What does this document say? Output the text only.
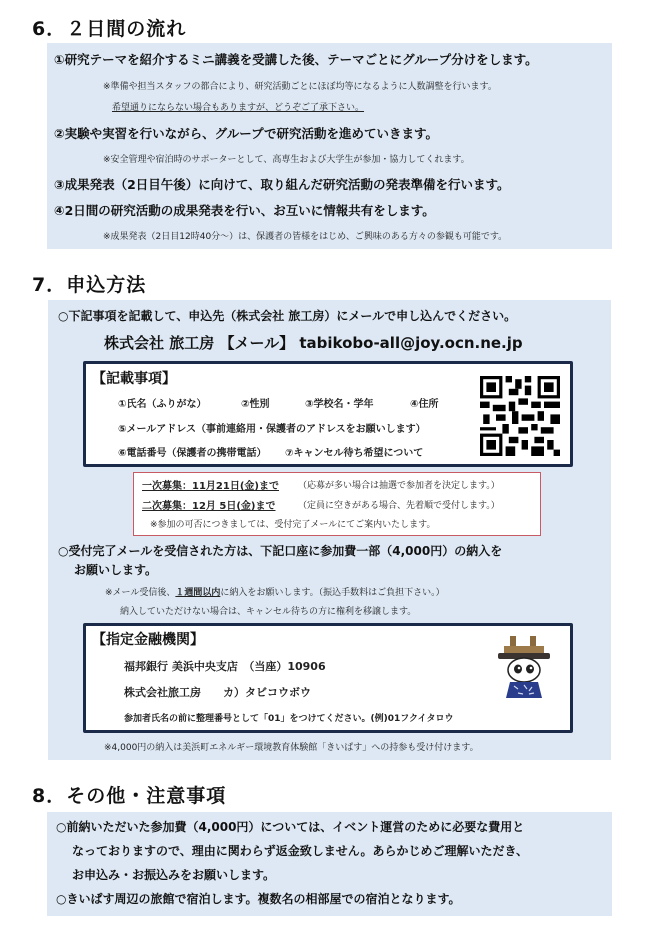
6．２日間の流れ
①研究テーマを紹介するミニ講義を受講した後、テーマごとにグループ分けをします。
※準備や担当スタッフの都合により、研究活動ごとにほぼ均等になるように人数調整を行います。
希望通りにならない場合もありますが、どうぞご了承下さい。
②実験や実習を行いながら、グループで研究活動を進めていきます。
※安全管理や宿泊時のサポーターとして、高専生および大学生が参加・協力してくれます。
③成果発表（2日目午後）に向けて、取り組んだ研究活動の発表準備を行います。
④2日間の研究活動の成果発表を行い、お互いに情報共有をします。
※成果発表（2日目12時40分～）は、保護者の皆様をはじめ、ご興味のある方々の参観も可能です。
7．申込方法
○下記事項を記載して、申込先（株式会社 旅工房）にメールで申し込んでください。
株式会社 旅工房 【メール】 tabikobo-all@joy.ocn.ne.jp
【記載事項】
①氏名（ふりがな）	②性別	③学校名・学年	④住所
⑤メールアドレス（事前連絡用・保護者のアドレスをお願いします）
⑥電話番号（保護者の携帯電話） ⑦キャンセル待ち希望について
一次募集：11月21日(金)まで （応募が多い場合は抽選で参加者を決定します。）
二次募集：12月 5日(金)まで	（定員に空きがある場合、先着順で受付します。）
※参加の可否につきましては、受付完了メールにてご案内いたします。
○受付完了メールを受信された方は、下記口座に参加費一部（4,000円）の納入を
お願いします。
※メール受信後、１週間以内に納入をお願いします。（振込手数料はご負担下さい。）
納入していただけない場合は、キャンセル待ちの方に権利を移譲します。
【指定金融機関】
福邦銀行 美浜中央支店　（当座）10906
株式会社旅工房　　カ）タビコウボウ
参加者氏名の前に整理番号として「01」をつけてください。(例)01フクイタロウ
※4,000円の納入は美浜町エネルギー環境教育体験館「きいぱす」への持参も受け付けます。
8．その他・注意事項
○前納いただいた参加費（4,000円）については、イベント運営のために必要な費用と
なっておりますので、理由に関わらず返金致しません。あらかじめご理解いただき、
お申込み・お振込みをお願いします。
○きいぱす周辺の旅館で宿泊します。複数名の相部屋での宿泊となります。
